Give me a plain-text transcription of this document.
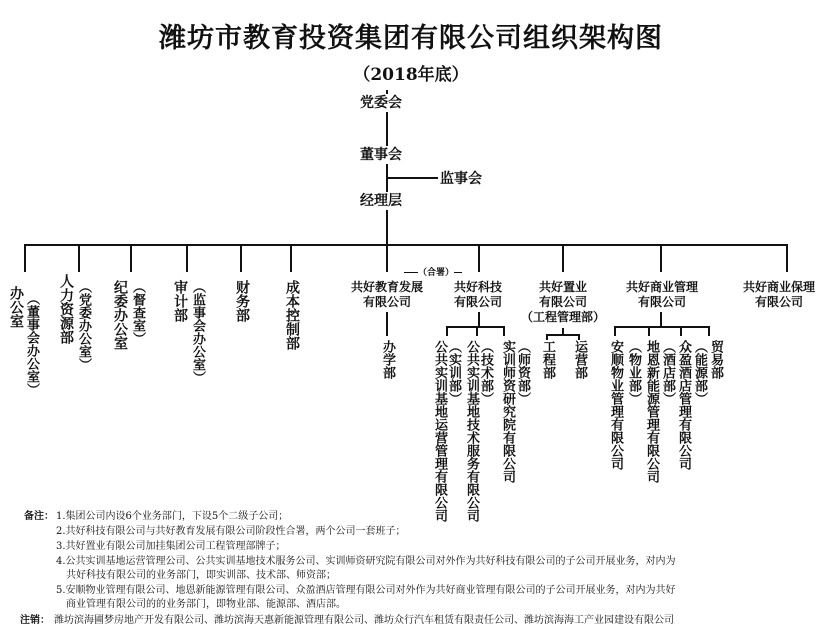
潍坊市教育投资集团有限公司组织架构图
（2018年底）
党委会
董事会
监事会
经理层
办公室 （董事会办公室） 人力资源部 （党委办公室） 纪委办公室 （督查室） 审计部 （监事会办公室） 财务部 成本控制部
（合署）
共好教育发展
有限公司
共好科技
有限公司
共好置业
有限公司
（工程管理部）
共好商业管理
有限公司
共好商业保理
有限公司
办学部	公共实训基地运营管理有限公司 （实训部） 公共实训基地技术服务有限公司 （技术部） 实训师资研究院有限公司 （师资部） 工程部 运营部 安顺物业管理有限公司 （物业部） 地恩新能源管理有限公司 （酒店部） 众盈酒店管理有限公司 （能源部） 贸易部
备注： 1.集团公司内设6个业务部门，下设5个二级子公司；
2.共好科技有限公司与共好教育发展有限公司阶段性合署，两个公司一套班子；
3.共好置业有限公司加挂集团公司工程管理部牌子；
4.公共实训基地运营管理公司、公共实训基地技术服务公司、实训师资研究院有限公司对外作为共好科技有限公司的子公司开展业务，对内为
共好科技有限公司的业务部门，即实训部、技术部、师资部；
5.安顺物业管理有限公司、地恩新能源管理有限公司、众盈酒店管理有限公司对外作为共好商业管理有限公司的子公司开展业务，对内为共好
商业管理有限公司的的业务部门，即物业部、能源部、酒店部。
注销： 潍坊滨海圃梦房地产开发有限公司、潍坊滨海天惠新能源管理有限公司、潍坊众行汽车租赁有限责任公司、潍坊滨海海工产业园建设有限公司
